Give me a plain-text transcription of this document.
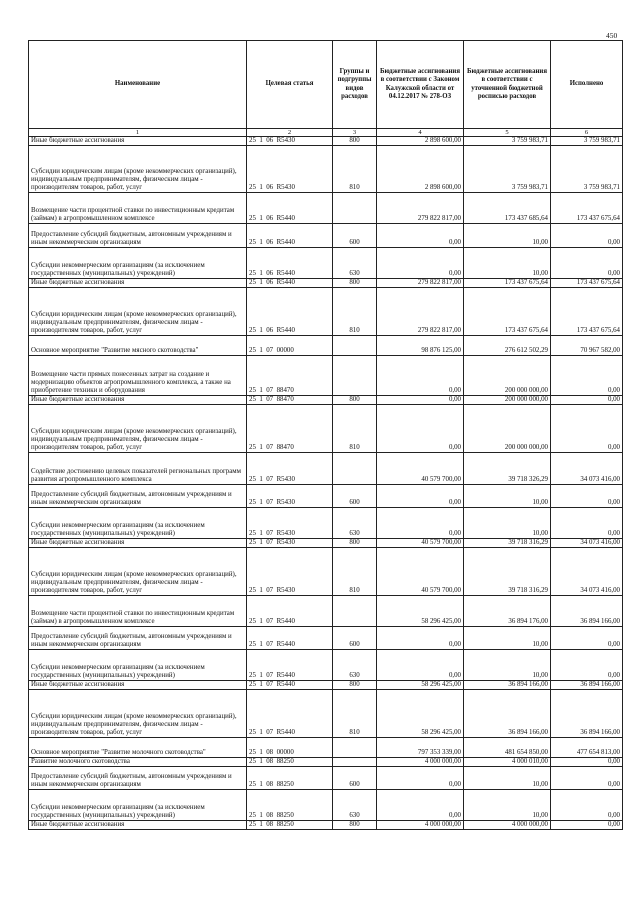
450
Наименование	Целевая статья	Группы и подгруппы видов расходов	Бюджетные ассигнования в соответствии с Законом Калужской области от 04.12.2017 № 278-ОЗ	Бюджетные ассигнования в соответствии с уточненной бюджетной росписью расходов	Исполнено
1	2	3	4	5	6
Иные бюджетные ассигнования	25  1  06  R5430	800	2 898 600,00	3 759 983,71	3 759 983,71
Субсидии юридическим лицам (кроме некоммерческих организаций), индивидуальным предпринимателям, физическим лицам - производителям товаров, работ, услуг	25  1  06  R5430	810	2 898 600,00	3 759 983,71	3 759 983,71
Возмещение части процентной ставки по инвестиционным кредитам (займам) в агропромышленном комплексе	25  1  06  R5440		279 822 817,00	173 437 685,64	173 437 675,64
Предоставление субсидий бюджетным, автономным учреждениям и иным некоммерческим организациям	25  1  06  R5440	600	0,00	10,00	0,00
Субсидии некоммерческим организациям (за исключением государственных (муниципальных) учреждений)	25  1  06  R5440	630	0,00	10,00	0,00
Иные бюджетные ассигнования	25  1  06  R5440	800	279 822 817,00	173 437 675,64	173 437 675,64
Субсидии юридическим лицам (кроме некоммерческих организаций), индивидуальным предпринимателям, физическим лицам - производителям товаров, работ, услуг	25  1  06  R5440	810	279 822 817,00	173 437 675,64	173 437 675,64
Основное мероприятие "Развитие мясного скотоводства"	25  1  07  00000		98 876 125,00	276 612 502,29	70 967 582,00
Возмещение части прямых понесенных затрат на создание и модернизацию объектов агропромышленного комплекса, а также на приобретение техники и оборудования	25  1  07  88470		0,00	200 000 000,00	0,00
Иные бюджетные ассигнования	25  1  07  88470	800	0,00	200 000 000,00	0,00
Субсидии юридическим лицам (кроме некоммерческих организаций), индивидуальным предпринимателям, физическим лицам - производителям товаров, работ, услуг	25  1  07  88470	810	0,00	200 000 000,00	0,00
Содействие достижению целевых показателей региональных программ развития агропромышленного комплекса	25  1  07  R5430		40 579 700,00	39 718 326,29	34 073 416,00
Предоставление субсидий бюджетным, автономным учреждениям и иным некоммерческим организациям	25  1  07  R5430	600	0,00	10,00	0,00
Субсидии некоммерческим организациям (за исключением государственных (муниципальных) учреждений)	25  1  07  R5430	630	0,00	10,00	0,00
Иные бюджетные ассигнования	25  1  07  R5430	800	40 579 700,00	39 718 316,29	34 073 416,00
Субсидии юридическим лицам (кроме некоммерческих организаций), индивидуальным предпринимателям, физическим лицам - производителям товаров, работ, услуг	25  1  07  R5430	810	40 579 700,00	39 718 316,29	34 073 416,00
Возмещение части процентной ставки по инвестиционным кредитам (займам) в агропромышленном комплексе	25  1  07  R5440		58 296 425,00	36 894 176,00	36 894 166,00
Предоставление субсидий бюджетным, автономным учреждениям и иным некоммерческим организациям	25  1  07  R5440	600	0,00	10,00	0,00
Субсидии некоммерческим организациям (за исключением государственных (муниципальных) учреждений)	25  1  07  R5440	630	0,00	10,00	0,00
Иные бюджетные ассигнования	25  1  07  R5440	800	58 296 425,00	36 894 166,00	36 894 166,00
Субсидии юридическим лицам (кроме некоммерческих организаций), индивидуальным предпринимателям, физическим лицам - производителям товаров, работ, услуг	25  1  07  R5440	810	58 296 425,00	36 894 166,00	36 894 166,00
Основное мероприятие "Развитие молочного скотоводства"	25  1  08  00000		797 353 339,00	481 654 850,00	477 654 813,00
Развитие молочного скотоводства	25  1  08  88250		4 000 000,00	4 000 010,00	0,00
Предоставление субсидий бюджетным, автономным учреждениям и иным некоммерческим организациям	25  1  08  88250	600	0,00	10,00	0,00
Субсидии некоммерческим организациям (за исключением государственных (муниципальных) учреждений)	25  1  08  88250	630	0,00	10,00	0,00
Иные бюджетные ассигнования	25  1  08  88250	800	4 000 000,00	4 000 000,00	0,00
